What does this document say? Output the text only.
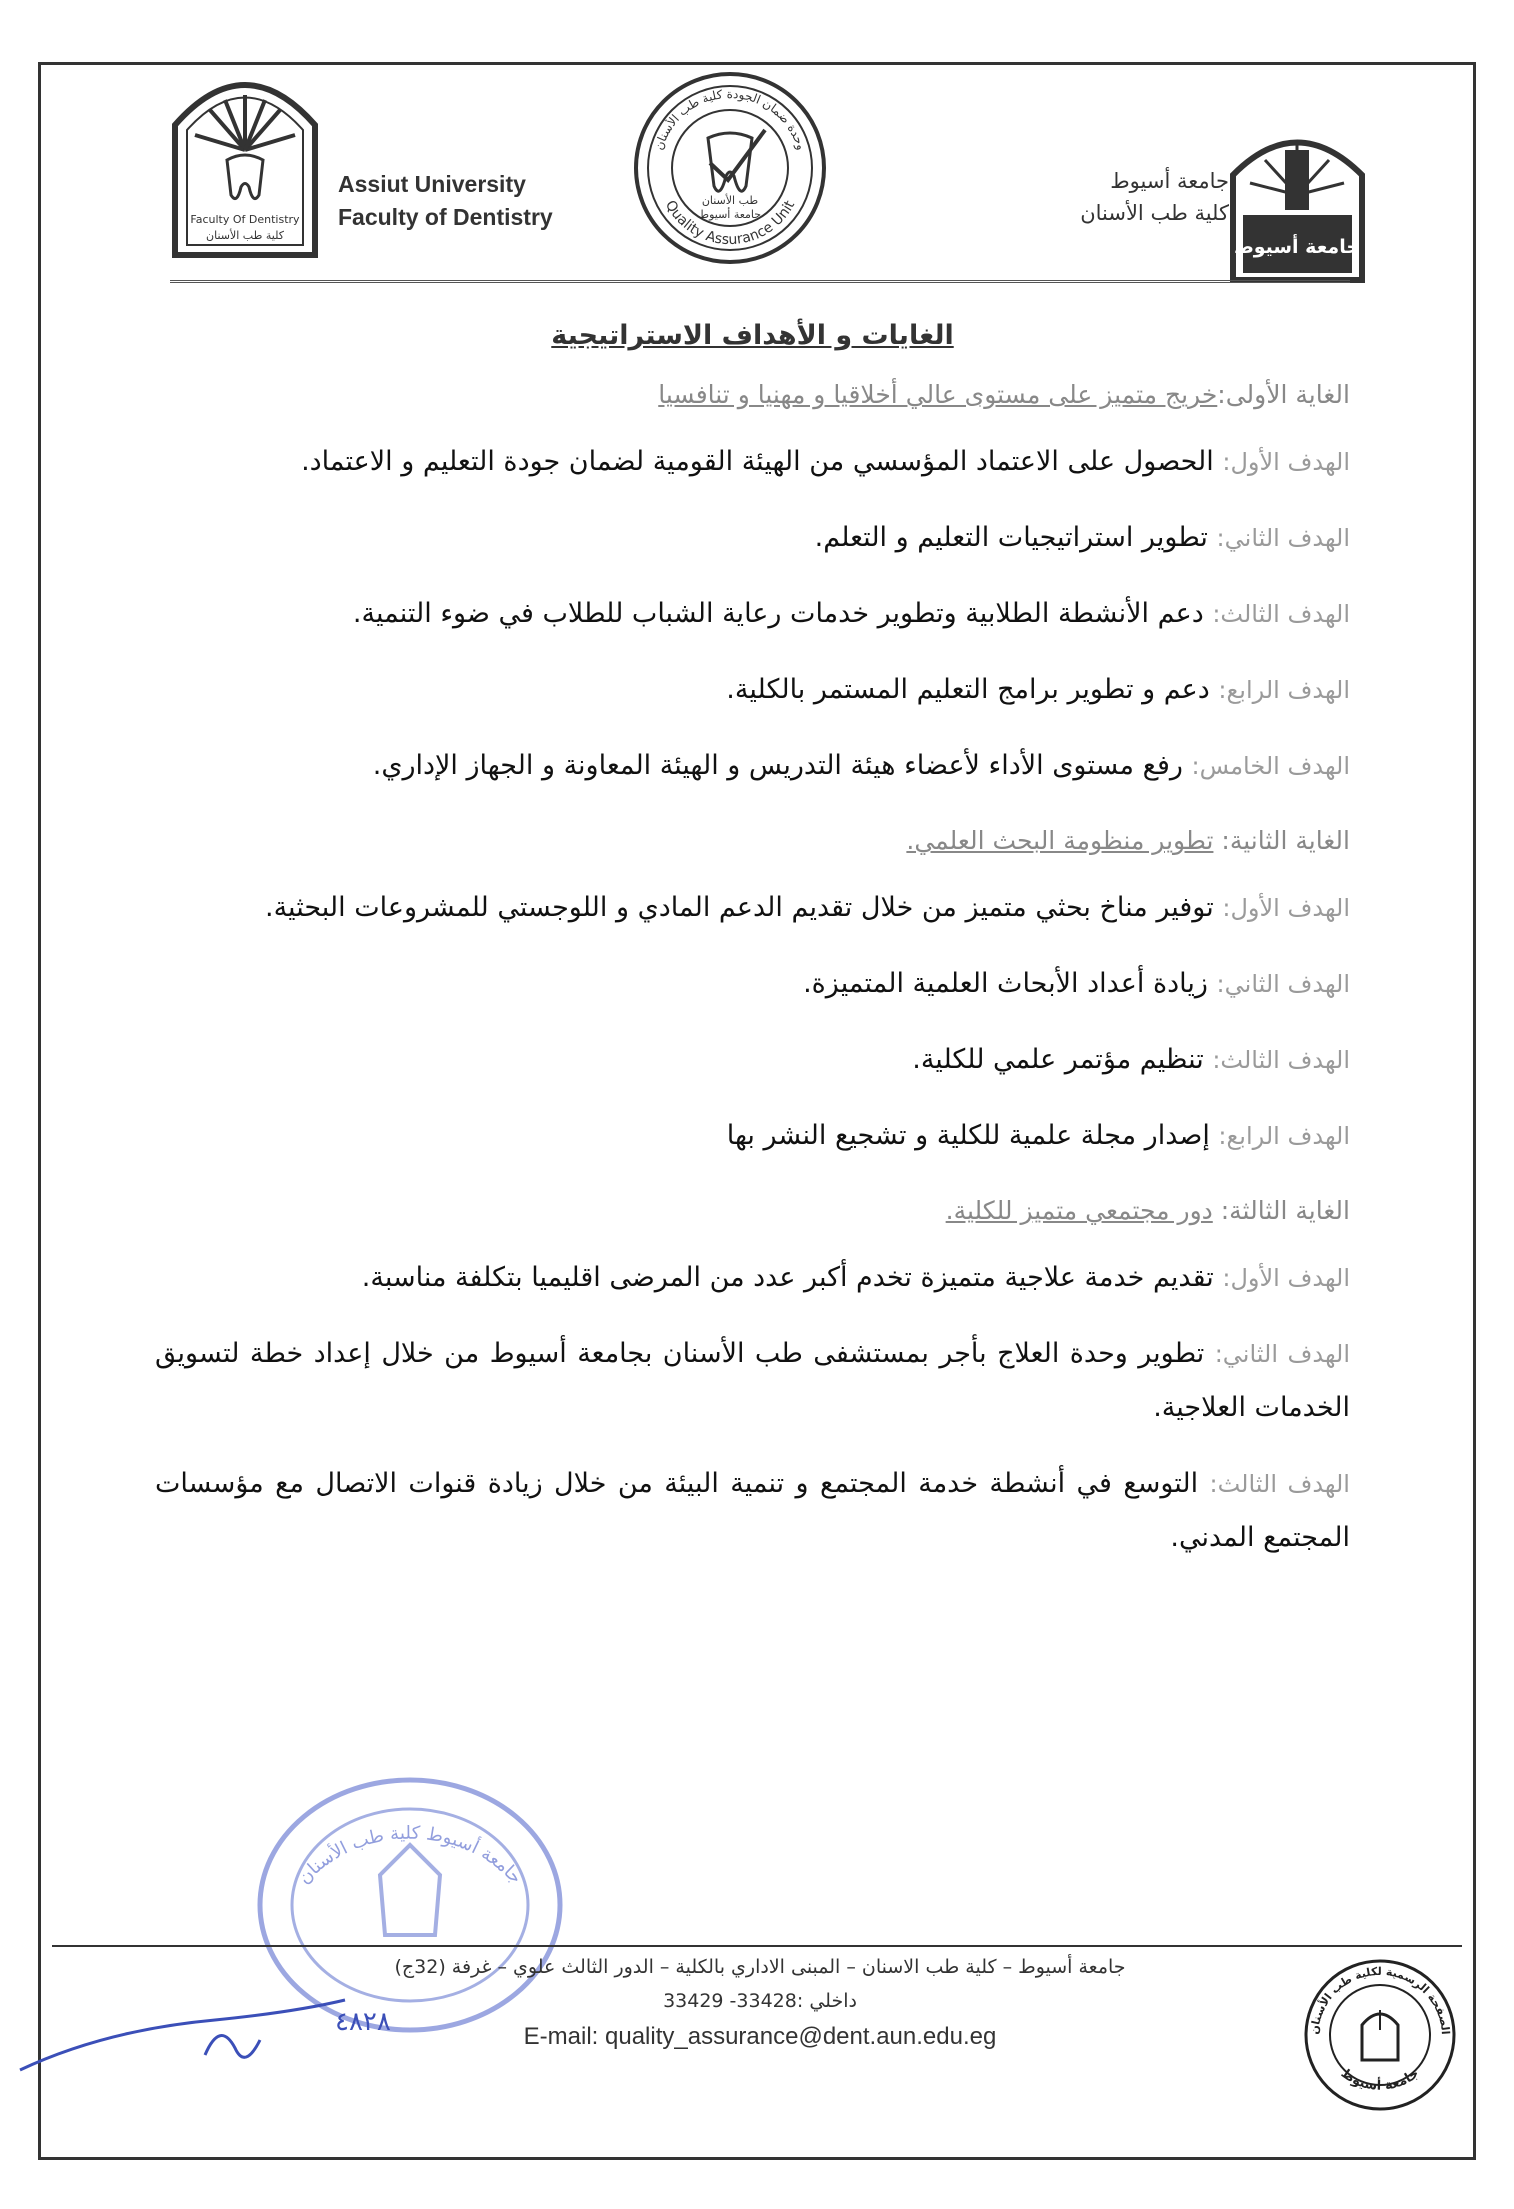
Faculty Of Dentistry
كلية طب الأسنان
Assiut University
Faculty of Dentistry
وحدة ضمان الجودة كلية طب الأسنان
Quality Assurance Unit
طب الأسنان
جامعة أسيوط
جامعة أسيوط
كلية طب الأسنان
جامعة أسيوط
الغايات و الأهداف الاستراتيجية
الغاية الأولى:خريج متميز على مستوى عالي أخلاقيا و مهنيا و تنافسيا
الهدف الأول: الحصول على الاعتماد المؤسسي من الهيئة القومية لضمان جودة التعليم و الاعتماد.
الهدف الثاني: تطوير استراتيجيات التعليم و التعلم.
الهدف الثالث: دعم الأنشطة الطلابية وتطوير خدمات رعاية الشباب للطلاب في ضوء التنمية.
الهدف الرابع: دعم و تطوير برامج التعليم المستمر بالكلية.
الهدف الخامس: رفع مستوى الأداء لأعضاء هيئة التدريس و الهيئة المعاونة و الجهاز الإداري.
الغاية الثانية: تطوير منظومة البحث العلمي.
الهدف الأول: توفير مناخ بحثي متميز من خلال تقديم الدعم المادي و اللوجستي للمشروعات البحثية.
الهدف الثاني: زيادة أعداد الأبحاث العلمية المتميزة.
الهدف الثالث: تنظيم مؤتمر علمي للكلية.
الهدف الرابع: إصدار مجلة علمية للكلية و تشجيع النشر بها
الغاية الثالثة: دور مجتمعي متميز للكلية.
الهدف الأول: تقديم خدمة علاجية متميزة تخدم أكبر عدد من المرضى اقليميا بتكلفة مناسبة.
الهدف الثاني: تطوير وحدة العلاج بأجر بمستشفى طب الأسنان بجامعة أسيوط من خلال إعداد خطة لتسويق الخدمات العلاجية.
الهدف الثالث: التوسع في أنشطة خدمة المجتمع و تنمية البيئة من خلال زيادة قنوات الاتصال مع مؤسسات المجتمع المدني.
جامعة أسيوط كلية طب الأسنان
جامعة أسيوط – كلية طب الاسنان – المبنى الاداري بالكلية – الدور الثالث علوي – غرفة (32ج)
داخلي :33428- 33429
E-mail: quality_assurance@dent.aun.edu.eg
٤٨٢٨	الصفحة الرسمية لكلية طب الأسنان
جامعة أسيوط
